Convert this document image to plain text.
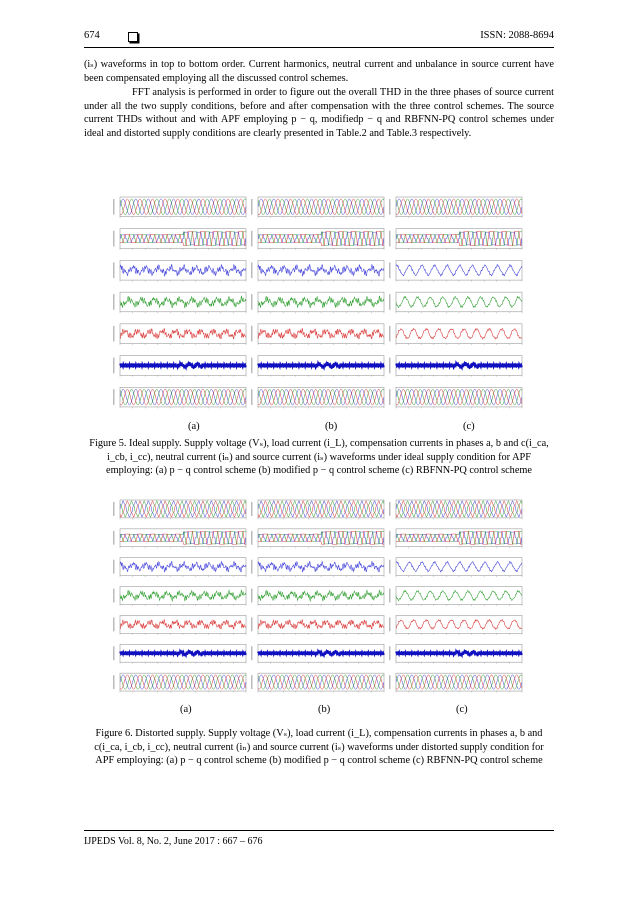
674	ISSN: 2088-8694

(iₛ) waveforms in top to bottom order. Current harmonics, neutral current and unbalance in source current have been compensated employing all the discussed control schemes.

FFT analysis is performed in order to figure out the overall THD in the three phases of source current under all the two supply conditions, before and after compensation with the three control schemes. The source current THDs without and with APF employing p − q, modifiedp − q and RBFNN-PQ control schemes under ideal and distorted supply conditions are clearly presented in Table.2 and Table.3 respectively.

(a)	(b)	(c)

Figure 5. Ideal supply. Supply voltage (Vₛ), load current (i_L), compensation currents in phases a, b and c(i_ca, i_cb, i_cc), neutral current (iₙ) and source current (iₛ) waveforms under ideal supply condition for APF employing: (a) p − q control scheme (b) modified p − q control scheme (c) RBFNN-PQ control scheme

(a)	(b)	(c)

Figure 6. Distorted supply. Supply voltage (Vₛ), load current (i_L), compensation currents in phases a, b and c(i_ca, i_cb, i_cc), neutral current (iₙ) and source current (iₛ) waveforms under distorted supply condition for APF employing: (a) p − q control scheme (b) modified p − q control scheme (c) RBFNN-PQ control scheme

IJPEDS Vol. 8, No. 2, June 2017 : 667 – 676
